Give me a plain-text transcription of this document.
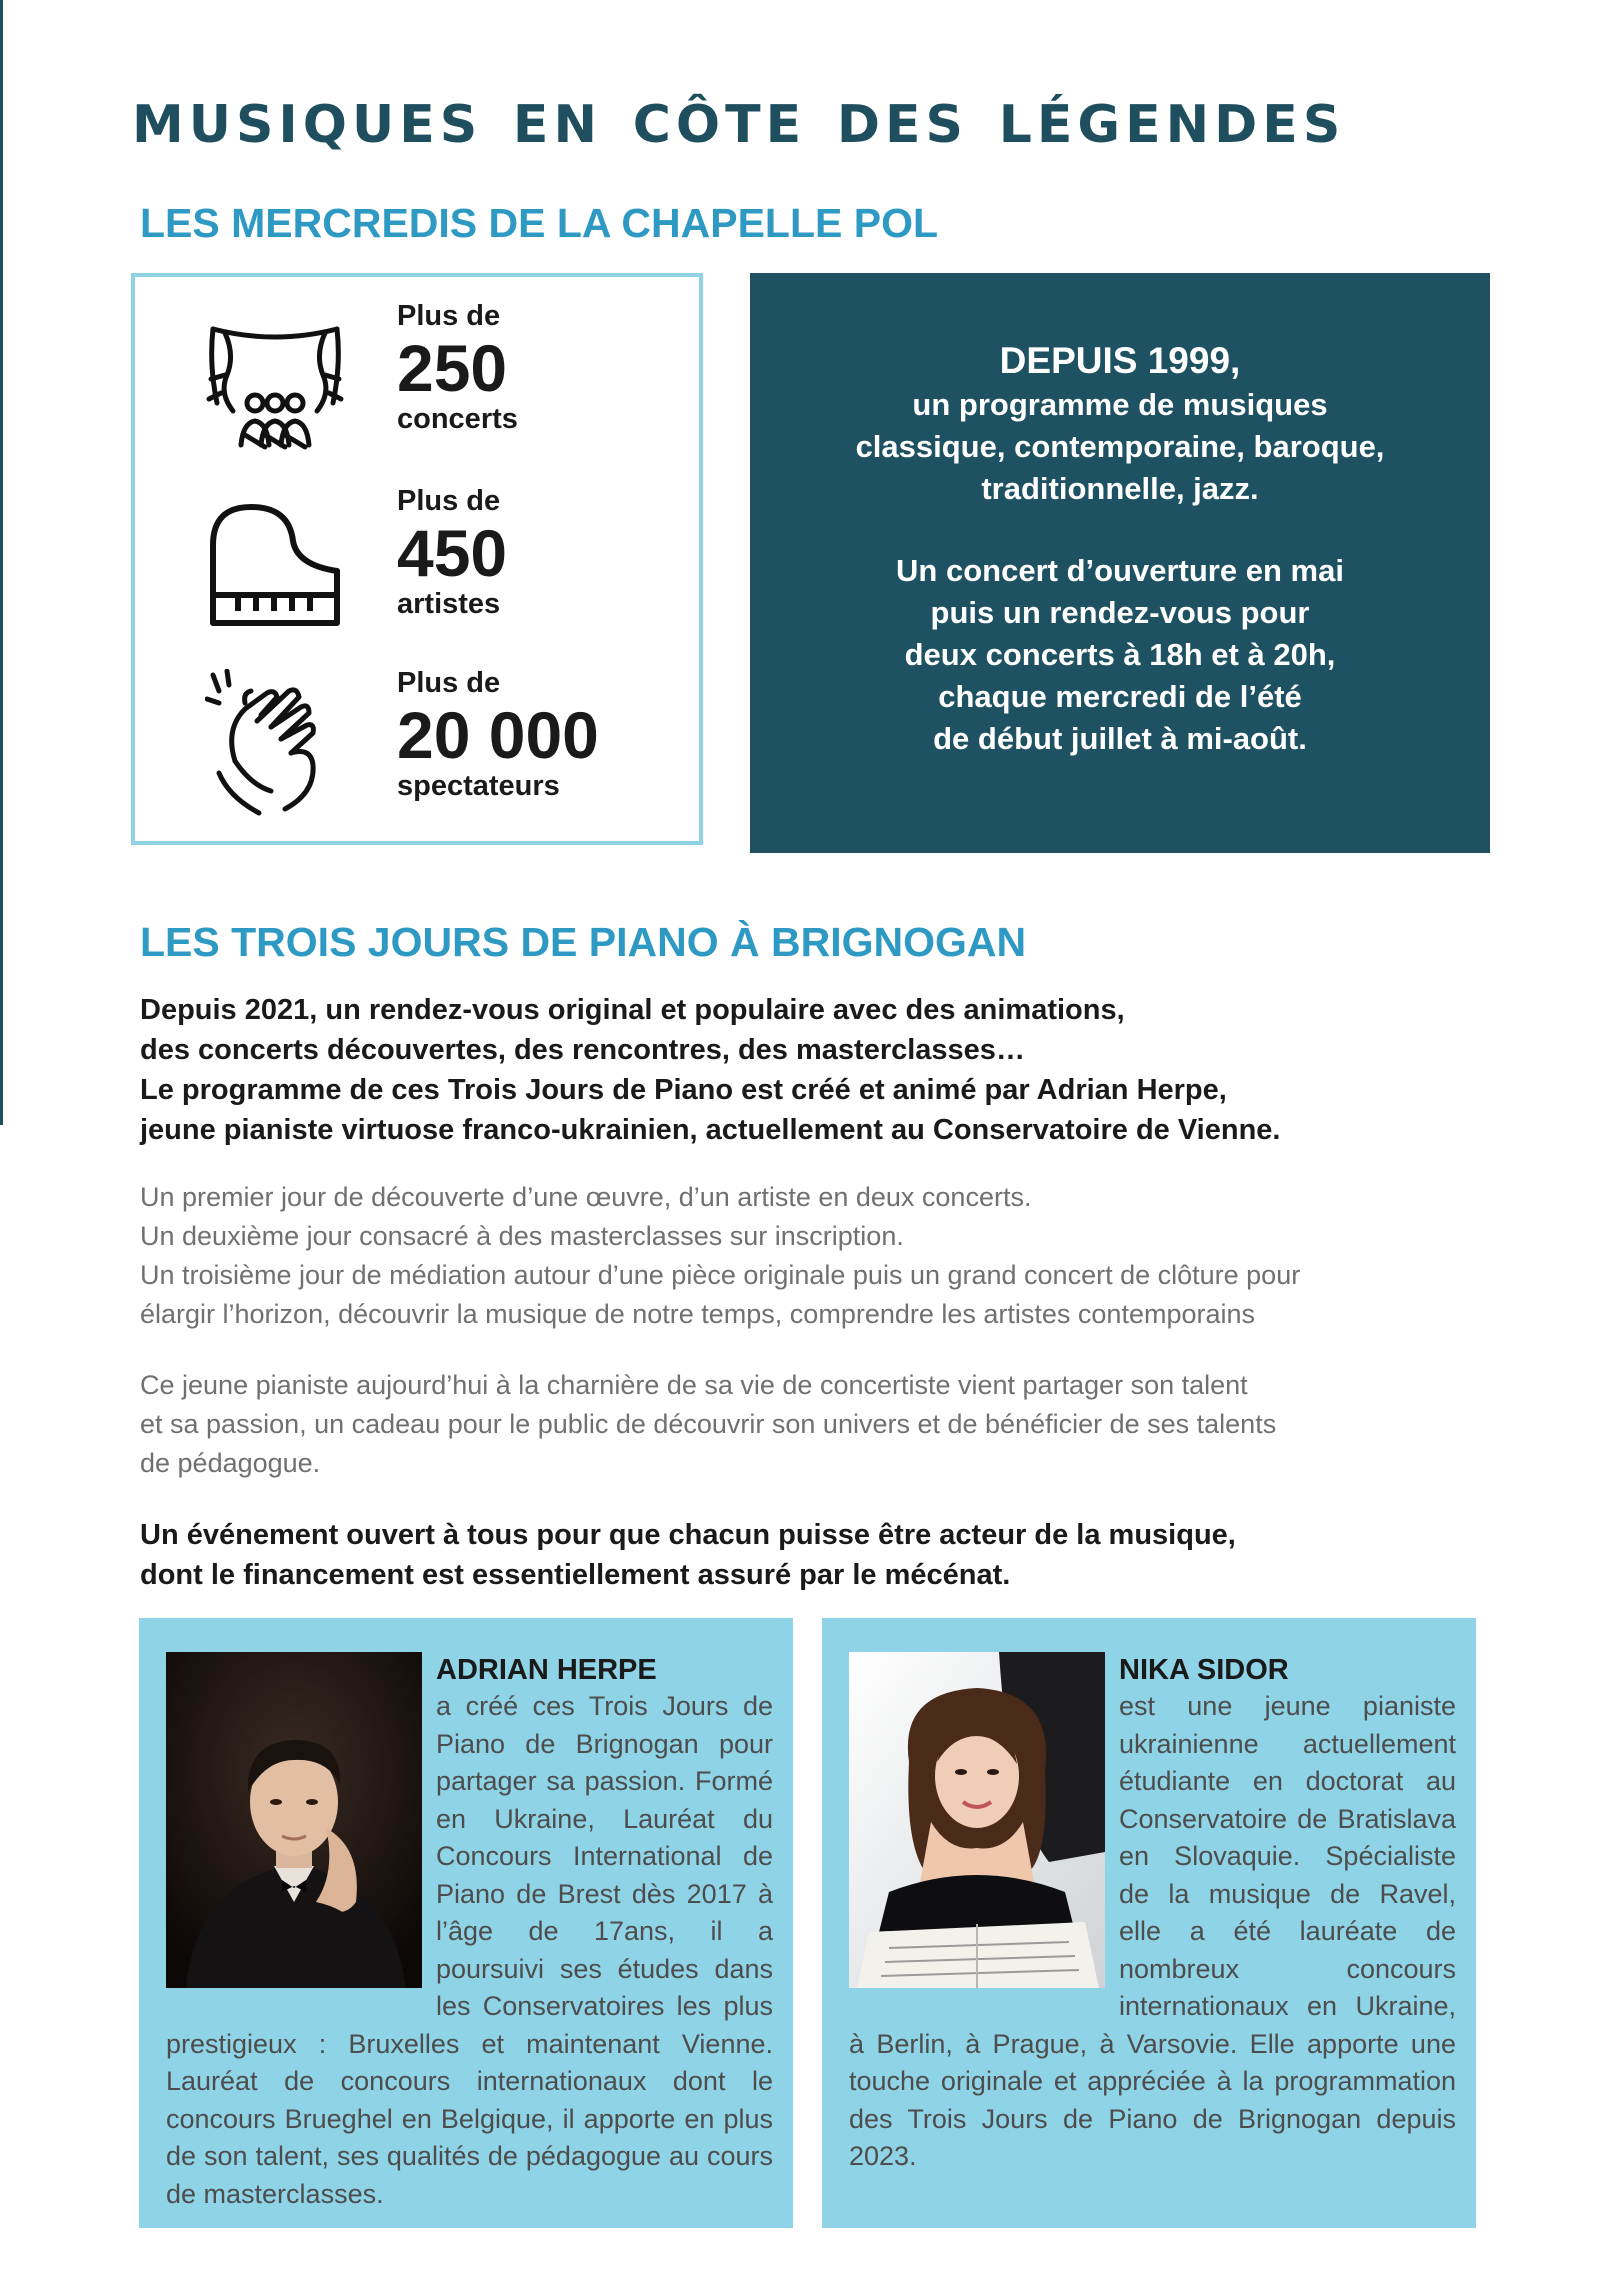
musiques en côte des légendes
LES MERCREDIS DE LA CHAPELLE POL
Plus de
250
concerts
Plus de
450
artistes
Plus de
20 000
spectateurs
DEPUIS 1999,

un programme de musiques
classique, contemporaine, baroque,
traditionnelle, jazz.

Un concert d’ouverture en mai
puis un rendez-vous pour
deux concerts à 18h et à 20h,
chaque mercredi de l’été
de début juillet à mi-août.

LES TROIS JOURS DE PIANO À BRIGNOGAN

Depuis 2021, un rendez-vous original et populaire avec des animations,
des concerts découvertes, des rencontres, des masterclasses…
Le programme de ces Trois Jours de Piano est créé et animé par Adrian Herpe,
jeune pianiste virtuose franco-ukrainien, actuellement au Conservatoire de Vienne.

Un premier jour de découverte d’une œuvre, d’un artiste en deux concerts.
Un deuxième jour consacré à des masterclasses sur inscription.
Un troisième jour de médiation autour d’une pièce originale puis un grand concert de clôture pour
élargir l’horizon, découvrir la musique de notre temps, comprendre les artistes contemporains

Ce jeune pianiste aujourd’hui à la charnière de sa vie de concertiste vient partager son talent
et sa passion, un cadeau pour le public de découvrir son univers et de bénéficier de ses talents
de pédagogue.

Un événement ouvert à tous pour que chacun puisse être acteur de la musique,
dont le financement est essentiellement assuré par le mécénat.

ADRIAN HERPE
a créé ces Trois Jours de Piano de Brignogan pour partager sa passion. Formé en Ukraine, Lauréat du Concours International de Piano de Brest dès 2017 à l’âge de 17ans, il a poursuivi ses études dans les Conservatoires les plus prestigieux : Bruxelles et maintenant Vienne. Lauréat de concours internationaux dont le concours Brueghel en Belgique, il apporte en plus de son talent, ses qualités de pédagogue au cours de masterclasses.
NIKA SIDOR
est une jeune pianiste ukrainienne actuellement étudiante en doctorat au Conservatoire de Bratislava en Slovaquie. Spécialiste de la musique de Ravel, elle a été lauréate de nombreux concours internationaux en Ukraine, à Berlin, à Prague, à Varsovie. Elle apporte une touche originale et appréciée à la programmation des Trois Jours de Piano de Brignogan depuis 2023.
